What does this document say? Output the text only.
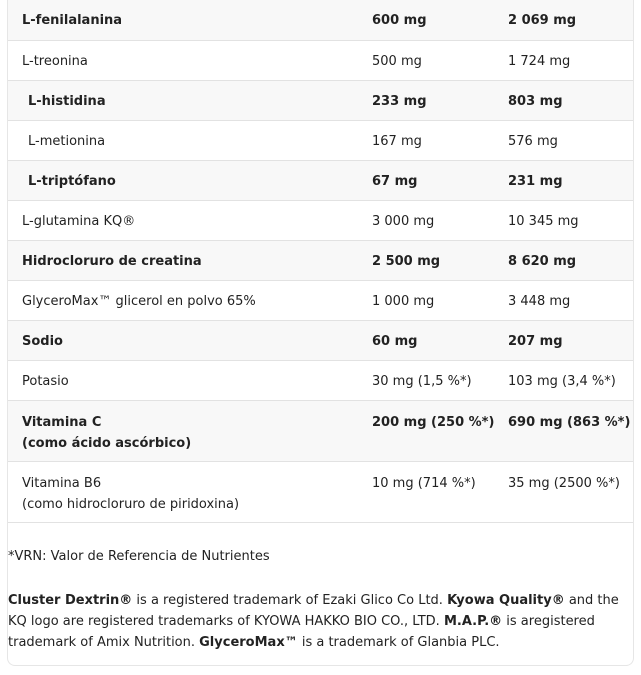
L-fenilalanina	600 mg	2 069 mg
L-treonina	500 mg	1 724 mg
L-histidina	233 mg	803 mg
L-metionina	167 mg	576 mg
L-triptófano	67 mg	231 mg
L-glutamina KQ®	3 000 mg	10 345 mg
Hidrocloruro de creatina	2 500 mg	8 620 mg
GlyceroMax™ glicerol en polvo 65%	1 000 mg	3 448 mg
Sodio	60 mg	207 mg
Potasio	30 mg (1,5 %*)	103 mg (3,4 %*)
Vitamina C
(como ácido ascórbico)	200 mg (250 %*)	690 mg (863 %*)
Vitamina B6
(como hidrocloruro de piridoxina)	10 mg (714 %*)	35 mg (2500 %*)
*VRN: Valor de Referencia de Nutrientes
Cluster Dextrin® is a registered trademark of Ezaki Glico Co Ltd. Kyowa Quality® and the KQ logo are registered trademarks of KYOWA HAKKO BIO CO., LTD. M.A.P.® is aregistered trademark of Amix Nutrition. GlyceroMax™ is a trademark of Glanbia PLC.
